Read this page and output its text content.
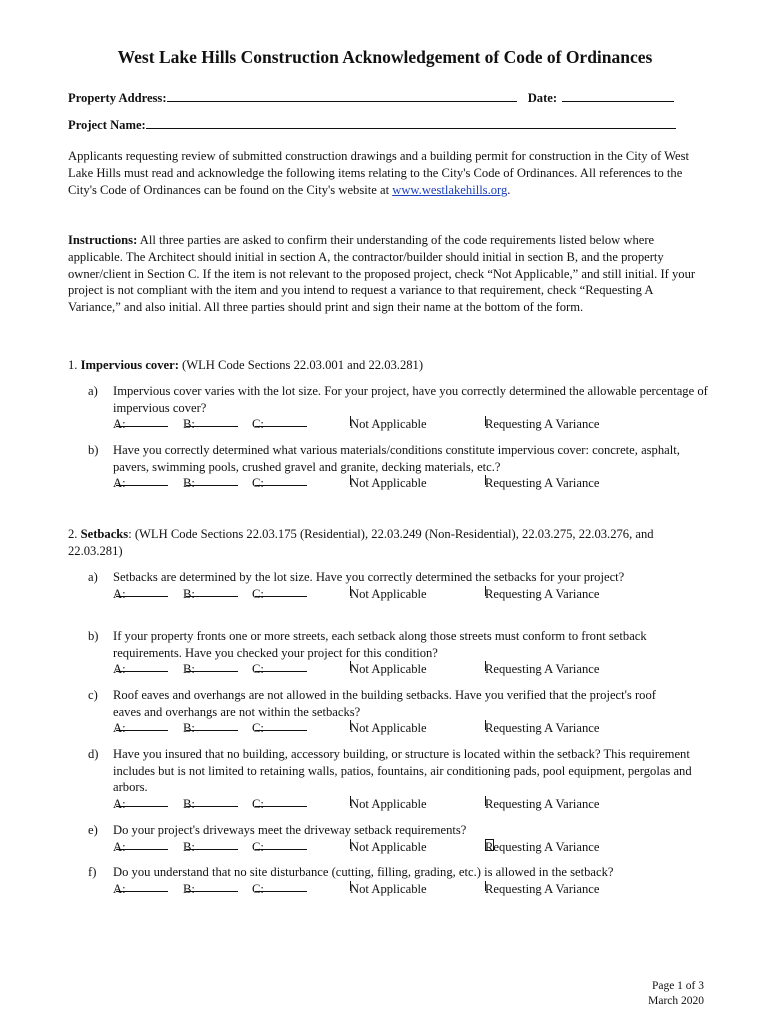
West Lake Hills Construction Acknowledgement of Code of Ordinances
Property Address:	Date:
Project Name:
Applicants requesting review of submitted construction drawings and a building permit for construction in the City of West Lake Hills must read and acknowledge the following items relating to the City's Code of Ordinances. All references to the City's Code of Ordinances can be found on the City's website at www.westlakehills.org.
Instructions: All three parties are asked to confirm their understanding of the code requirements listed below where applicable. The Architect should initial in section A, the contractor/builder should initial in section B, and the property owner/client in Section C. If the item is not relevant to the proposed project, check “Not Applicable,” and still initial. If your project is not compliant with the item and you intend to request a variance to that requirement, check “Requesting A Variance,” and also initial. All three parties should print and sign their name at the bottom of the form.
1. Impervious cover: (WLH Code Sections 22.03.001 and 22.03.281)
a)	Impervious cover varies with the lot size. For your project, have you correctly determined the allowable percentage of impervious cover?
A:	B:	C:	Not Applicable	Requesting A Variance
b)	Have you correctly determined what various materials/conditions constitute impervious cover: concrete, asphalt, pavers, swimming pools, crushed gravel and granite, decking materials, etc.?
A:	B:	C:	Not Applicable	Requesting A Variance
2. Setbacks: (WLH Code Sections 22.03.175 (Residential), 22.03.249 (Non-Residential), 22.03.275, 22.03.276, and 22.03.281)
a)	Setbacks are determined by the lot size. Have you correctly determined the setbacks for your project?
A:	B:	C:	Not Applicable	Requesting A Variance
b)	If your property fronts one or more streets, each setback along those streets must conform to front setback requirements. Have you checked your project for this condition?
A:	B:	C:	Not Applicable	Requesting A Variance
c)	Roof eaves and overhangs are not allowed in the building setbacks. Have you verified that the project's roof eaves and overhangs are not within the setbacks?
A:	B:	C:	Not Applicable	Requesting A Variance
d)	Have you insured that no building, accessory building, or structure is located within the setback? This requirement includes but is not limited to retaining walls, patios, fountains, air conditioning pads, pool equipment, pergolas and arbors.
A:	B:	C:	Not Applicable	Requesting A Variance
e)	Do your project's driveways meet the driveway setback requirements?
A:	B:	C:	Not Applicable	Requesting A Variance
f)	Do you understand that no site disturbance (cutting, filling, grading, etc.) is allowed in the setback?
A:	B:	C:	Not Applicable	Requesting A Variance
Page 1 of 3
March 2020
